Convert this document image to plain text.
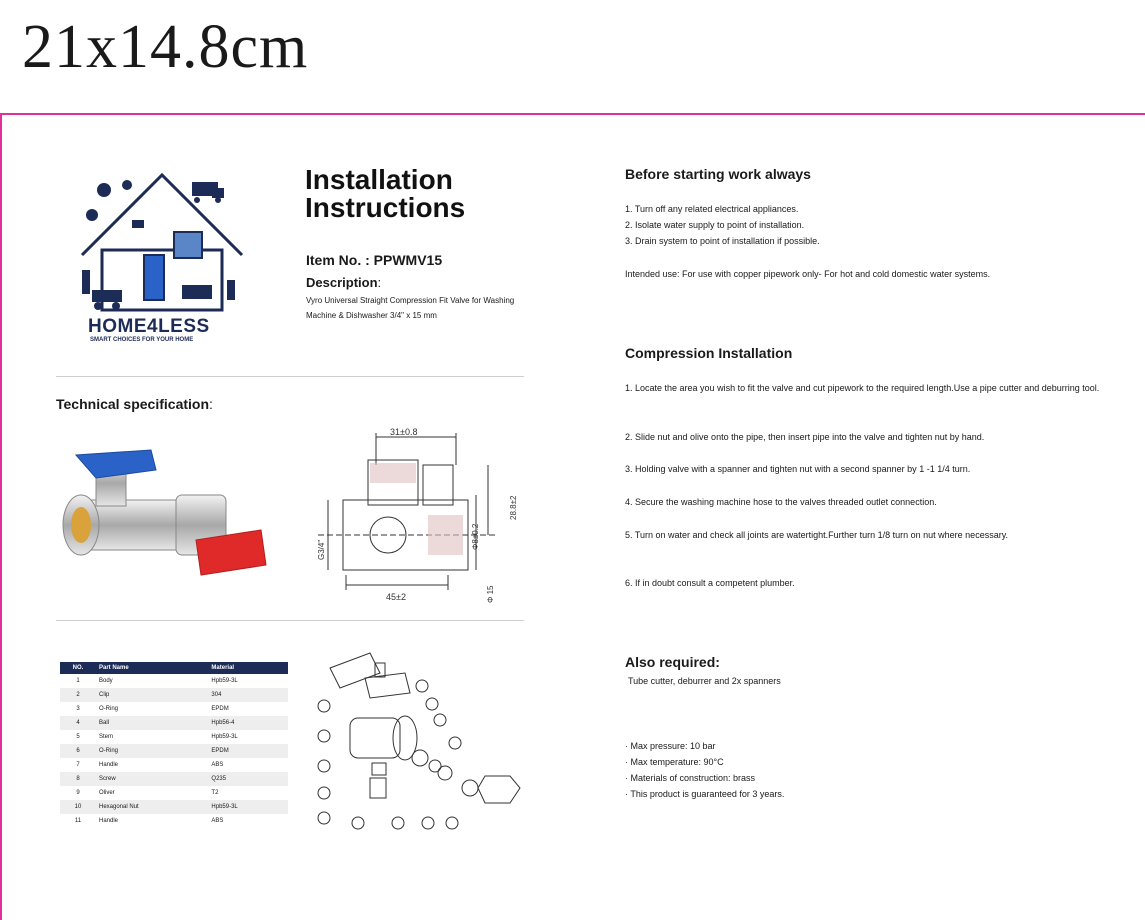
21x14.8cm
HOME4LESS
SMART CHOICES FOR YOUR HOME
Installation
Instructions
Item No. : PPWMV15
Description:
Vyro Universal Straight Compression Fit Valve for Washing Machine & Dishwasher 3/4" x 15 mm
Technical specification:
31±0.8
45±2
G3/4"
28.8±2
Φ8±0.2
Φ 15
NO.	Part Name	Material
1	Body	Hpb59-3L
2	Clip	304
3	O-Ring	EPDM
4	Ball	Hpb56-4
5	Stem	Hpb59-3L
6	O-Ring	EPDM
7	Handle	ABS
8	Screw	Q235
9	Oliver	T2
10	Hexagonal Nut	Hpb59-3L
11	Handle	ABS
Before starting work always
1. Turn off any related electrical appliances.
2. Isolate water supply to point of installation.
3. Drain system to point of installation if possible.
Intended use: For use with copper pipework only- For hot and cold domestic water systems.
Compression Installation
1. Locate the area you wish to fit the valve and cut pipework to the required length.Use a pipe cutter and deburring tool.
2. Slide nut and olive onto the pipe, then insert pipe into the valve and tighten nut by hand.
3. Holding valve with a spanner and tighten nut with a second spanner by 1 -1 1/4 turn.
4. Secure the washing machine hose to the valves threaded outlet connection.
5. Turn on water and check all joints are watertight.Further turn 1/8 turn on nut where necessary.
6. If in doubt consult a competent plumber.
Also required:
Tube cutter, deburrer and 2x spanners
· Max pressure: 10 bar
· Max temperature: 90°C
· Materials of construction: brass
· This product is guaranteed for 3 years.
